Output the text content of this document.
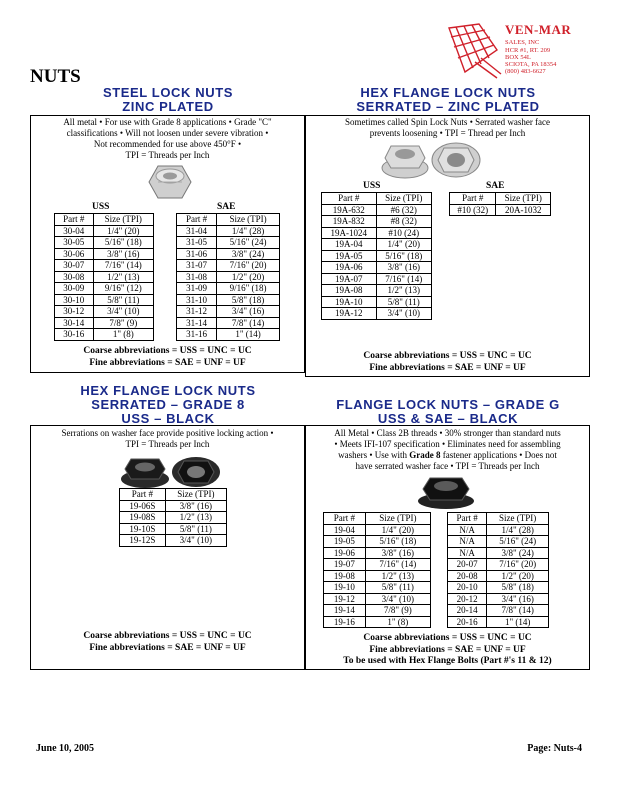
VEN-MAR
SALES, INC
HCR #1, RT. 209
BOX 54L
SCIOTA, PA 18354
(800) 483-6627
NUTS
STEEL LOCK NUTS
ZINC PLATED
All metal • For use with Grade 8 applications • Grade "C"
classifications • Will not loosen under severe vibration •
Not recommended for use above 450°F •
TPI = Threads per Inch
USS	SAE
Part #	Size (TPI)
30-04	1/4" (20)
30-05	5/16" (18)
30-06	3/8" (16)
30-07	7/16" (14)
30-08	1/2" (13)
30-09	9/16" (12)
30-10	5/8" (11)
30-12	3/4" (10)
30-14	7/8" (9)
30-16	1" (8)
Part #	Size (TPI)
31-04	1/4" (28)
31-05	5/16" (24)
31-06	3/8" (24)
31-07	7/16" (20)
31-08	1/2" (20)
31-09	9/16" (18)
31-10	5/8" (18)
31-12	3/4" (16)
31-14	7/8" (14)
31-16	1" (14)
Coarse abbreviations = USS = UNC = UC
Fine abbreviations = SAE = UNF = UF
HEX FLANGE LOCK NUTS
SERRATED – ZINC PLATED
Sometimes called Spin Lock Nuts • Serrated washer face
prevents loosening • TPI = Thread per Inch
USS	SAE
Part #	Size (TPI)
19A-632	#6 (32)
19A-832	#8 (32)
19A-1024	#10 (24)
19A-04	1/4" (20)
19A-05	5/16" (18)
19A-06	3/8" (16)
19A-07	7/16" (14)
19A-08	1/2" (13)
19A-10	5/8" (11)
19A-12	3/4" (10)
Part #	Size (TPI)
#10 (32)	20A-1032
Coarse abbreviations = USS = UNC = UC
Fine abbreviations = SAE = UNF = UF
HEX FLANGE LOCK NUTS
SERRATED – GRADE 8
USS – BLACK
Serrations on washer face provide positive locking action •
TPI = Threads per Inch
Part #	Size (TPI)
19-06S	3/8" (16)
19-08S	1/2" (13)
19-10S	5/8" (11)
19-12S	3/4" (10)
Coarse abbreviations = USS = UNC = UC
Fine abbreviations = SAE = UNF = UF
FLANGE LOCK NUTS – GRADE G
USS & SAE – BLACK
All Metal • Class 2B threads • 30% stronger than standard nuts
• Meets IFI-107 specification • Eliminates need for assembling
washers • Use with Grade 8 fastener applications • Does not
have serrated washer face • TPI = Threads per Inch
Part #	Size (TPI)
19-04	1/4" (20)
19-05	5/16" (18)
19-06	3/8" (16)
19-07	7/16" (14)
19-08	1/2" (13)
19-10	5/8" (11)
19-12	3/4" (10)
19-14	7/8" (9)
19-16	1" (8)
Part #	Size (TPI)
N/A	1/4" (28)
N/A	5/16" (24)
N/A	3/8" (24)
20-07	7/16" (20)
20-08	1/2" (20)
20-10	5/8" (18)
20-12	3/4" (16)
20-14	7/8" (14)
20-16	1" (14)
Coarse abbreviations = USS = UNC = UC
Fine abbreviations = SAE = UNF = UF
To be used with Hex Flange Bolts (Part #'s 11 & 12)
June 10, 2005	Page: Nuts-4
